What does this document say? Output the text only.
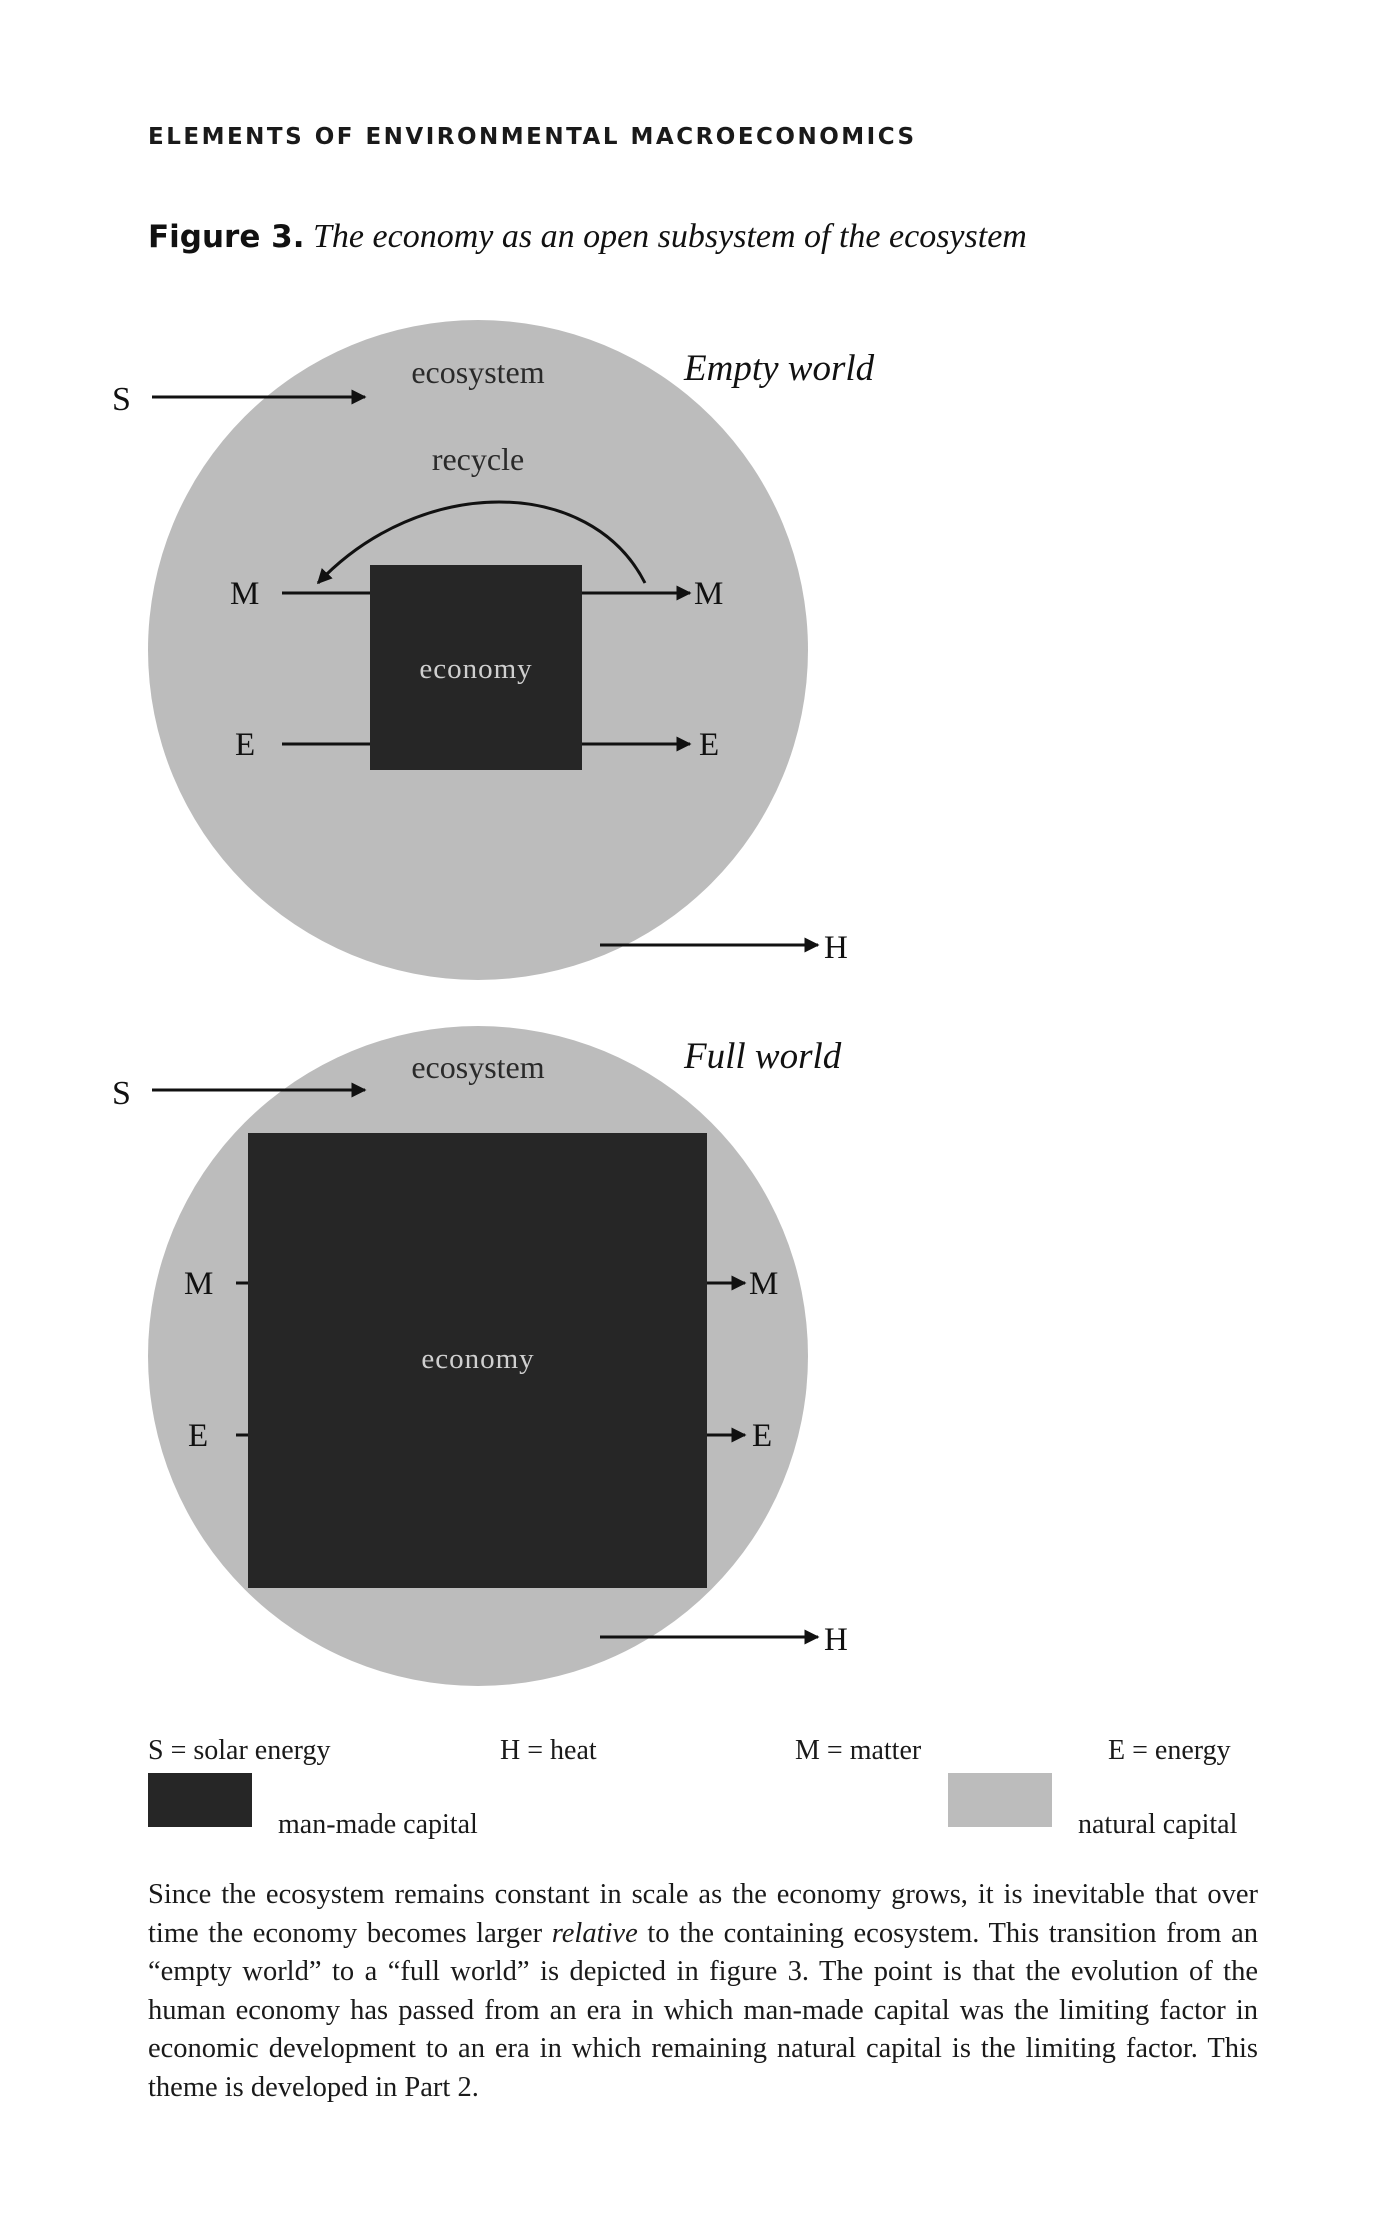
ELEMENTS OF ENVIRONMENTAL MACROECONOMICS
Figure 3. The economy as an open subsystem of the ecosystem
economy
ecosystem
recycle
S
Empty world
M	M
E	E
H
economy
ecosystem
S
Full world
M	M
E	E
H
S = solar energy	H = heat	M = matter	E = energy
man-made capital	natural capital

Since the ecosystem remains constant in scale as the economy grows, it is inevitable that over time the economy becomes larger relative to the containing ecosystem. This transition from an “empty world” to a “full world” is depicted in figure 3. The point is that the evolution of the human economy has passed from an era in which man-made capital was the limiting factor in economic development to an era in which remaining natural capital is the limiting factor. This theme is developed in Part 2.
